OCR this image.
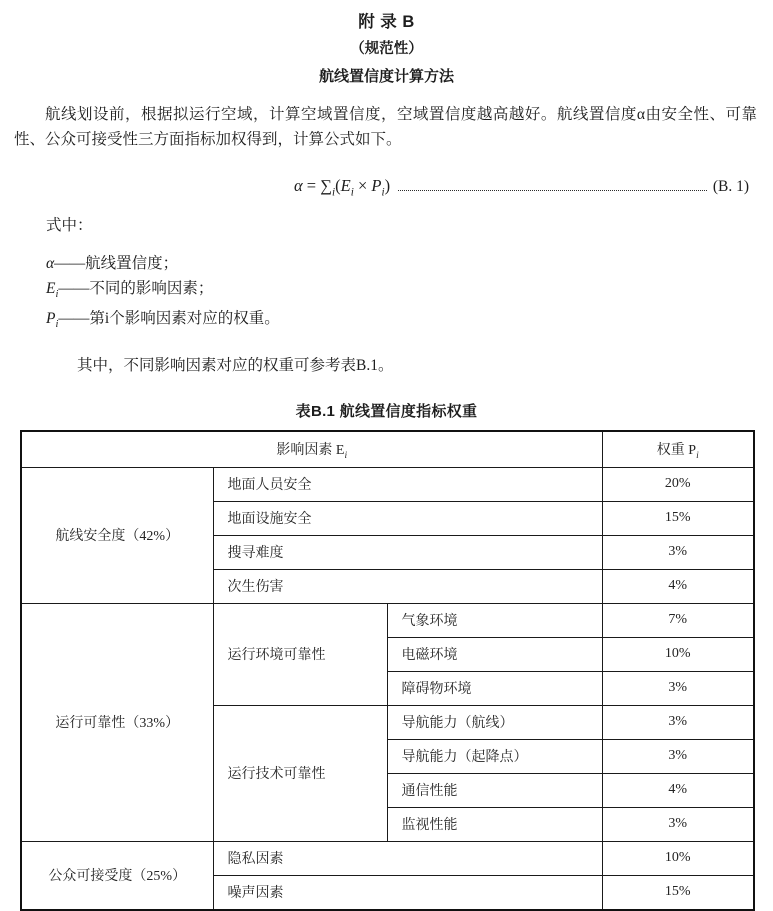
附 录 B
（规范性）
航线置信度计算方法

航线划设前，根据拟运行空域，计算空域置信度，空域置信度越高越好。航线置信度α由安全性、可靠性、公众可接受性三方面指标加权得到，计算公式如下。

$\alpha = \sum_i(E_i \times P_i)$	(B. 1)

式中：

α——航线置信度；
$E_i——$不同的影响因素；
$P_i——$第i个影响因素对应的权重。

其中，不同影响因素对应的权重可参考表B.1。

表B.1 航线置信度指标权重
影响因素 $E_i$			权重 $P_i$
航线安全度（42%）	地面人员安全		20%
	地面设施安全		15%
	搜寻难度		3%
	次生伤害		4%
运行可靠性（33%）	运行环境可靠性	气象环境	7%
		电磁环境	10%
		障碍物环境	3%
	运行技术可靠性	导航能力（航线）	3%
		导航能力（起降点）	3%
		通信性能	4%
		监视性能	3%
公众可接受度（25%）	隐私因素		10%
	噪声因素		15%
